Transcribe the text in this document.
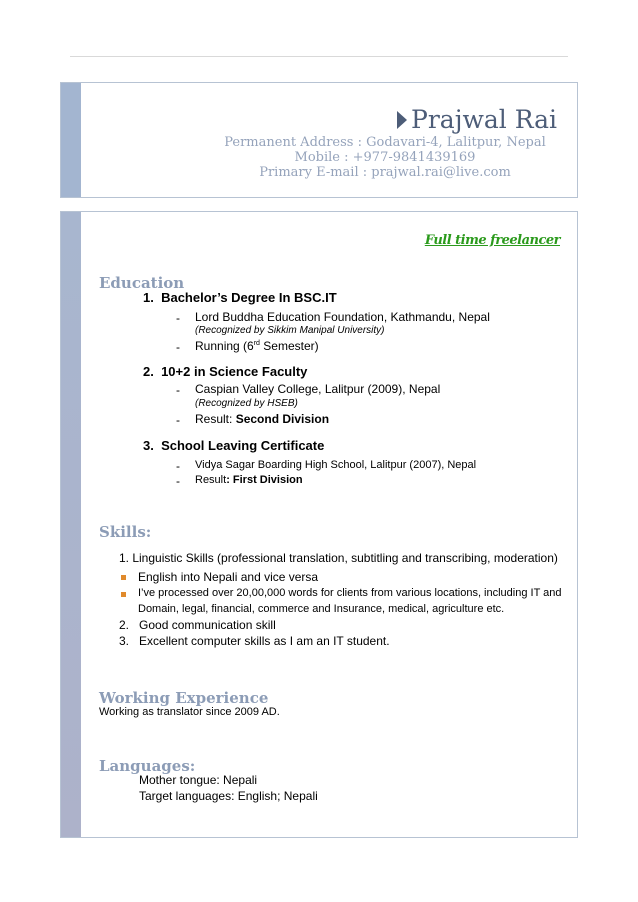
Prajwal Rai
Permanent Address : Godavari-4, Lalitpur, Nepal
Mobile : +977-9841439169
Primary E-mail : prajwal.rai@live.com
Full time freelancer
Education
1. Bachelor’s Degree In BSC.IT
- Lord Buddha Education Foundation, Kathmandu, Nepal
(Recognized by Sikkim Manipal University)
- Running (6rd Semester)
2. 10+2 in Science Faculty
- Caspian Valley College, Lalitpur (2009), Nepal
(Recognized by HSEB)
- Result: Second Division
3. School Leaving Certificate
- Vidya Sagar Boarding High School, Lalitpur (2007), Nepal
- Result: First Division
Skills:
1. Linguistic Skills (professional translation, subtitling and transcribing, moderation)
English into Nepali and vice versa
I’ve processed over 20,00,000 words for clients from various locations, including IT and
Domain, legal, financial, commerce and Insurance, medical, agriculture etc.
2.   Good communication skill
3.   Excellent computer skills as I am an IT student.
Working Experience
Working as translator since 2009 AD.
Languages:
Mother tongue: Nepali
Target languages: English; Nepali
